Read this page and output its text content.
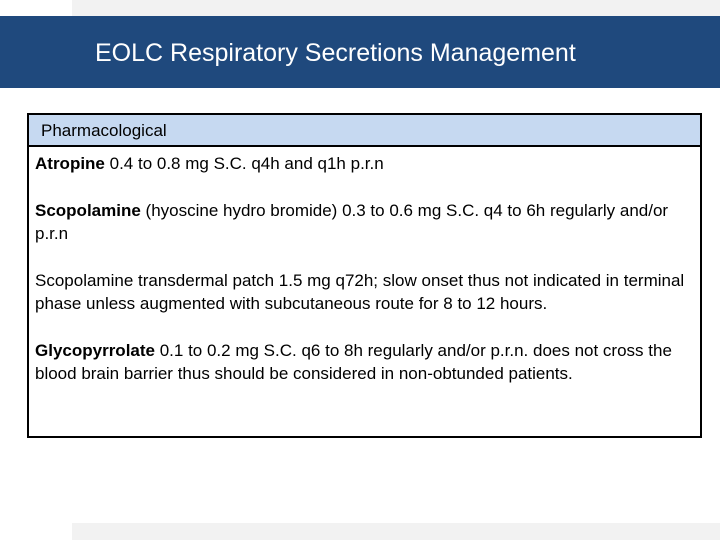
EOLC Respiratory Secretions Management
Pharmacological

Atropine 0.4 to 0.8 mg S.C. q4h and q1h p.r.n

Scopolamine (hyoscine hydro bromide) 0.3 to 0.6 mg S.C. q4 to 6h regularly and/or p.r.n

Scopolamine transdermal patch 1.5 mg q72h; slow onset thus not indicated in terminal phase unless augmented with subcutaneous route for 8 to 12 hours.

Glycopyrrolate 0.1 to 0.2 mg S.C. q6 to 8h regularly and/or p.r.n. does not cross the blood brain barrier thus should be considered in non-obtunded patients.
